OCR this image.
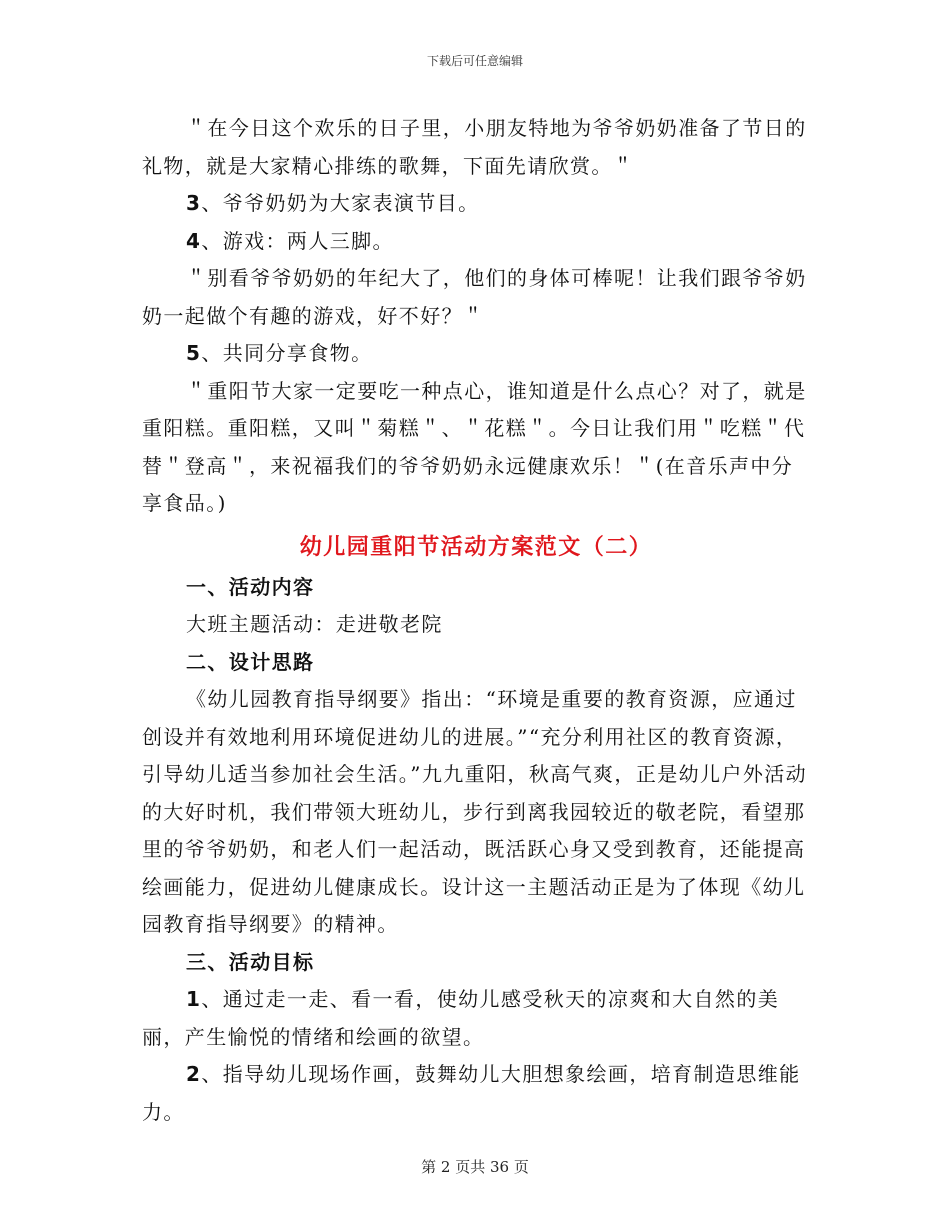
下载后可任意编辑

＂在今日这个欢乐的日子里，小朋友特地为爷爷奶奶准备了节日的礼物，就是大家精心排练的歌舞，下面先请欣赏。＂

3、爷爷奶奶为大家表演节目。

4、游戏：两人三脚。

＂别看爷爷奶奶的年纪大了，他们的身体可棒呢！让我们跟爷爷奶奶一起做个有趣的游戏，好不好？＂

5、共同分享食物。

＂重阳节大家一定要吃一种点心，谁知道是什么点心？对了，就是重阳糕。重阳糕，又叫＂菊糕＂、＂花糕＂。今日让我们用＂吃糕＂代替＂登高＂，来祝福我们的爷爷奶奶永远健康欢乐！＂(在音乐声中分享食品。)

幼儿园重阳节活动方案范文（二）

一、活动内容

大班主题活动：走进敬老院

二、设计思路

《幼儿园教育指导纲要》指出：“环境是重要的教育资源，应通过创设并有效地利用环境促进幼儿的进展。”“充分利用社区的教育资源，引导幼儿适当参加社会生活。”九九重阳，秋高气爽，正是幼儿户外活动的大好时机，我们带领大班幼儿，步行到离我园较近的敬老院，看望那里的爷爷奶奶，和老人们一起活动，既活跃心身又受到教育，还能提高绘画能力，促进幼儿健康成长。设计这一主题活动正是为了体现《幼儿园教育指导纲要》的精神。

三、活动目标

1、通过走一走、看一看，使幼儿感受秋天的凉爽和大自然的美丽，产生愉悦的情绪和绘画的欲望。

2、指导幼儿现场作画，鼓舞幼儿大胆想象绘画，培育制造思维能力。

第 2 页共 36 页
